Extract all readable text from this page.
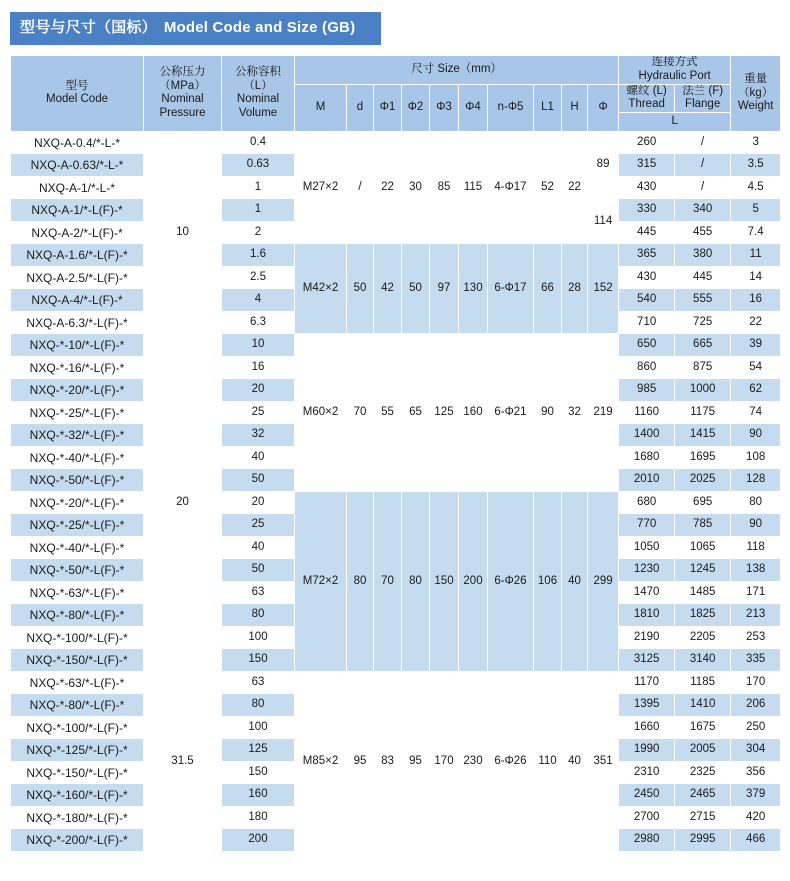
型号与尺寸（国标） Model Code and Size (GB)
型号
Model Code	公称压力
（MPa）
Nominal
Pressure	公称容积
（L）
Nominal
Volume	尺寸 Size（mm）										连接方式
Hydraulic Port		重量
（kg）
Weight

			M	d	Φ1	Φ2	Φ3	Φ4	n-Φ5	L1	H	Φ	螺纹 (L)
Thread	法兰 (F)
Flange	

													L		
NXQ-A-0.4/*-L-*	10	0.4	M27×2	/	22	30	85	115	4-Φ17	52	22	89	260	/	3
NXQ-A-0.63/*-L-*		0.63											315	/	3.5
NXQ-A-1/*-L-*		1											430	/	4.5
NXQ-A-1/*-L(F)-*		1										114	330	340	5
NXQ-A-2/*-L(F)-*		2											445	455	7.4
NXQ-A-1.6/*-L(F)-*		1.6	M42×2	50	42	50	97	130	6-Φ17	66	28	152	365	380	11
NXQ-A-2.5/*-L(F)-*		2.5											430	445	14
NXQ-A-4/*-L(F)-*		4											540	555	16
NXQ-A-6.3/*-L(F)-*		6.3											710	725	22
NXQ-*-10/*-L(F)-*	20	10	M60×2	70	55	65	125	160	6-Φ21	90	32	219	650	665	39
NXQ-*-16/*-L(F)-*		16											860	875	54
NXQ-*-20/*-L(F)-*		20											985	1000	62
NXQ-*-25/*-L(F)-*		25											1160	1175	74
NXQ-*-32/*-L(F)-*		32											1400	1415	90
NXQ-*-40/*-L(F)-*		40											1680	1695	108
NXQ-*-50/*-L(F)-*		50											2010	2025	128
NXQ-*-20/*-L(F)-*		20	M72×2	80	70	80	150	200	6-Φ26	106	40	299	680	695	80
NXQ-*-25/*-L(F)-*		25											770	785	90
NXQ-*-40/*-L(F)-*		40											1050	1065	118
NXQ-*-50/*-L(F)-*		50											1230	1245	138
NXQ-*-63/*-L(F)-*		63											1470	1485	171
NXQ-*-80/*-L(F)-*		80											1810	1825	213
NXQ-*-100/*-L(F)-*		100											2190	2205	253
NXQ-*-150/*-L(F)-*		150											3125	3140	335
NXQ-*-63/*-L(F)-*	31.5	63	M85×2	95	83	95	170	230	6-Φ26	110	40	351	1170	1185	170
NXQ-*-80/*-L(F)-*		80											1395	1410	206
NXQ-*-100/*-L(F)-*		100											1660	1675	250
NXQ-*-125/*-L(F)-*		125											1990	2005	304
NXQ-*-150/*-L(F)-*		150											2310	2325	356
NXQ-*-160/*-L(F)-*		160											2450	2465	379
NXQ-*-180/*-L(F)-*		180											2700	2715	420
NXQ-*-200/*-L(F)-*		200											2980	2995	466
